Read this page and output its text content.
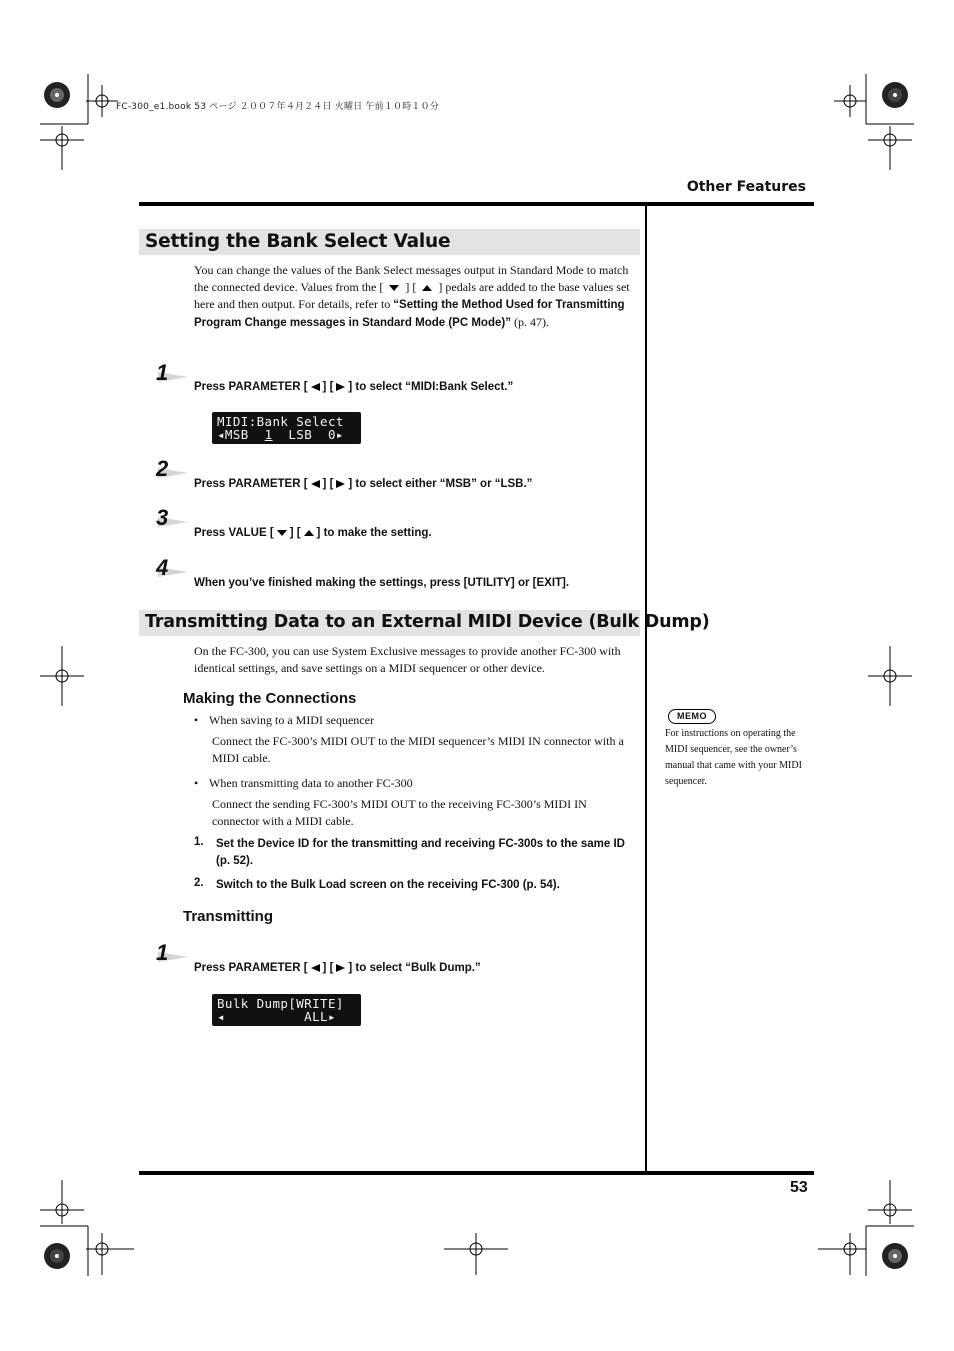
FC-300_e1.book 53 ページ ２００７年４月２４日 火曜日 午前１０時１０分
Other Features
Setting the Bank Select Value
You can change the values of the Bank Select messages output in Standard Mode to match the connected device. Values from the [ ] [ ] pedals are added to the base values set here and then output. For details, refer to “Setting the Method Used for Transmitting Program Change messages in Standard Mode (PC Mode)” (p. 47).
1
Press PARAMETER [ ] [ ] to select “MIDI:Bank Select.”
MIDI:Bank Select
◂MSB  1  LSB  0▸
2
Press PARAMETER [ ] [ ] to select either “MSB” or “LSB.”
3
Press VALUE [ ] [ ] to make the setting.
4
When you’ve finished making the settings, press [UTILITY] or [EXIT].
Transmitting Data to an External MIDI Device (Bulk Dump)
On the FC-300, you can use System Exclusive messages to provide another FC-300 with identical settings, and save settings on a MIDI sequencer or other device.
Making the Connections
• When saving to a MIDI sequencer
Connect the FC-300’s MIDI OUT to the MIDI sequencer’s MIDI IN connector with a MIDI cable.
• When transmitting data to another FC-300
Connect the sending FC-300’s MIDI OUT to the receiving FC-300’s MIDI IN connector with a MIDI cable.
1. Set the Device ID for the transmitting and receiving FC-300s to the same ID (p. 52).
2. Switch to the Bulk Load screen on the receiving FC-300 (p. 54).
Transmitting
1
Press PARAMETER [ ] [ ] to select “Bulk Dump.”
Bulk Dump[WRITE]
◂          ALL▸
MEMO
For instructions on operating the MIDI sequencer, see the owner’s manual that came with your MIDI sequencer.
53
